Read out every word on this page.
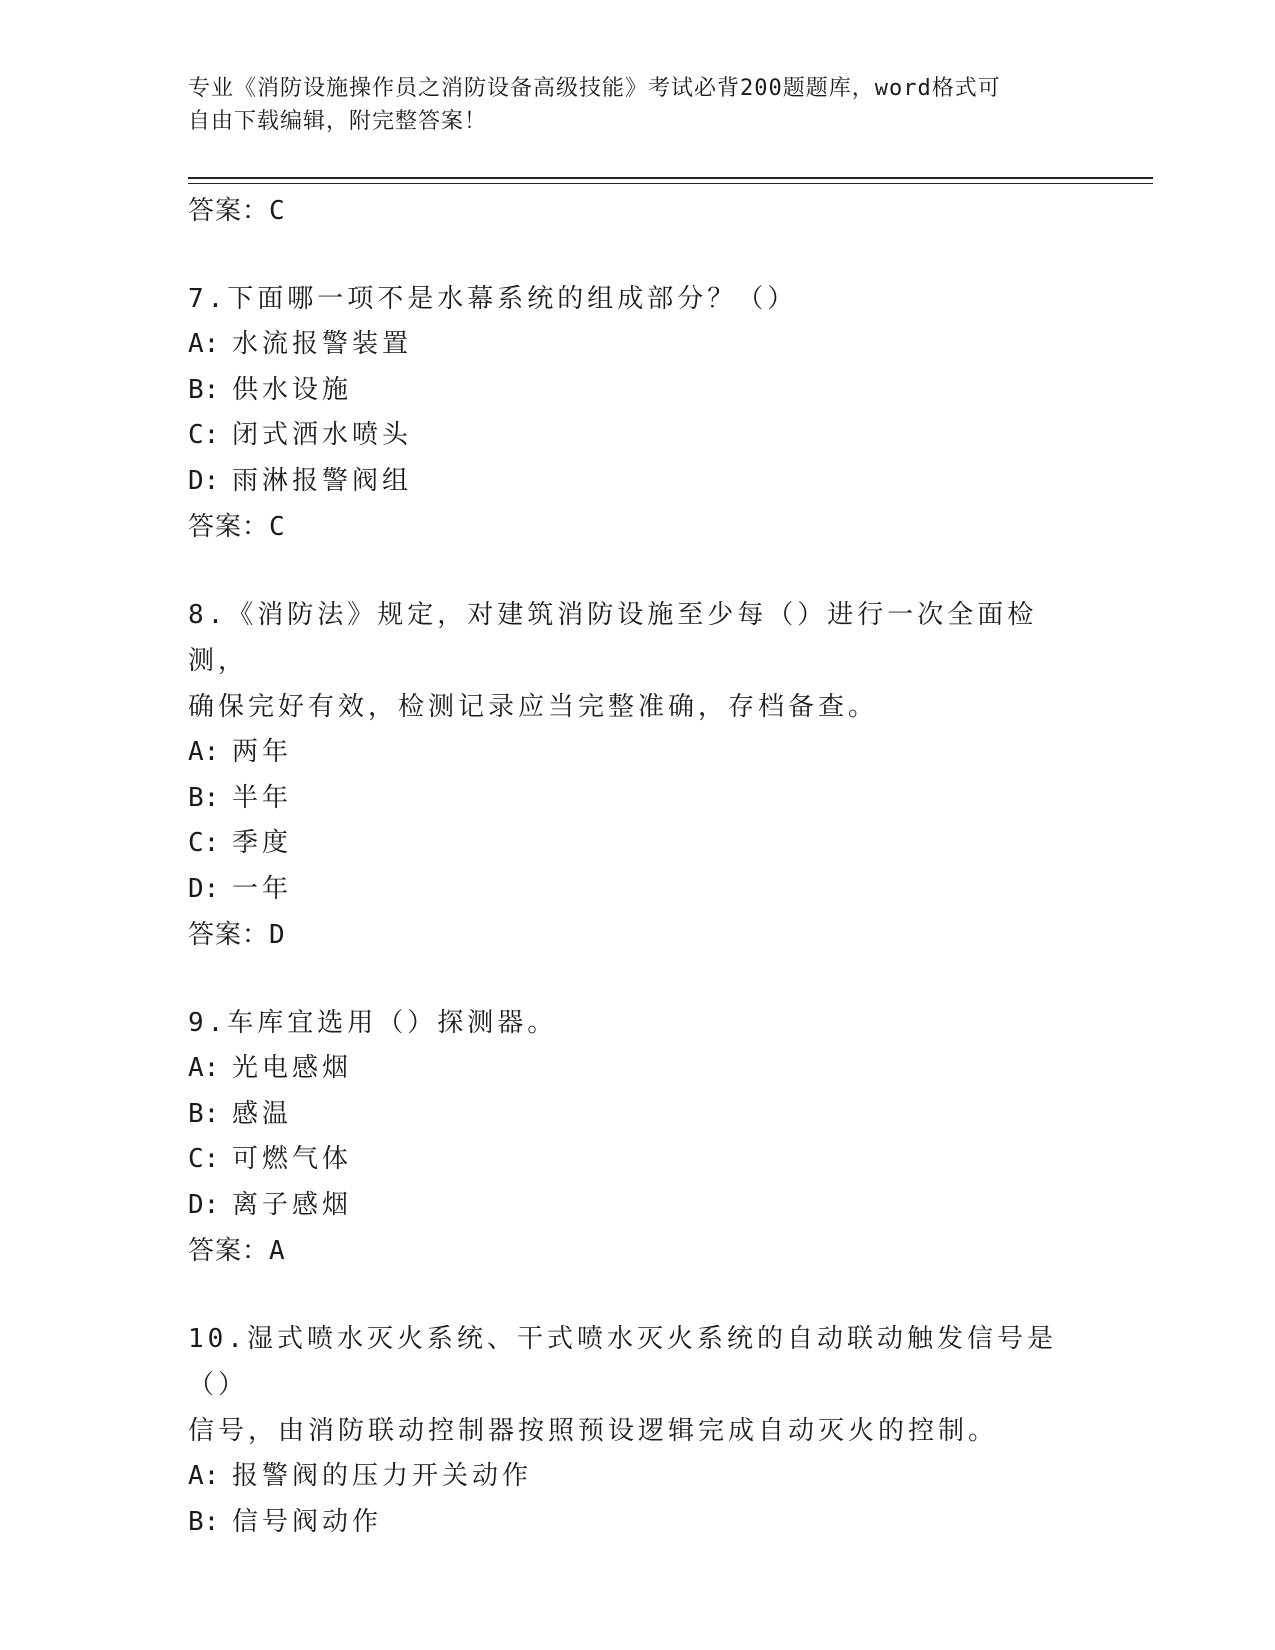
专业《消防设施操作员之消防设备高级技能》考试必背200题题库，word格式可
自由下载编辑，附完整答案！
答案：C
7.下面哪一项不是水幕系统的组成部分？（）
A: 水流报警装置
B: 供水设施
C: 闭式洒水喷头
D: 雨淋报警阀组
答案：C
8.《消防法》规定，对建筑消防设施至少每（）进行一次全面检测，
确保完好有效，检测记录应当完整准确，存档备查。
A: 两年
B: 半年
C: 季度
D: 一年
答案：D
9.车库宜选用（）探测器。
A: 光电感烟
B: 感温
C: 可燃气体
D: 离子感烟
答案：A
10.湿式喷水灭火系统、干式喷水灭火系统的自动联动触发信号是（）
信号，由消防联动控制器按照预设逻辑完成自动灭火的控制。
A: 报警阀的压力开关动作
B: 信号阀动作
